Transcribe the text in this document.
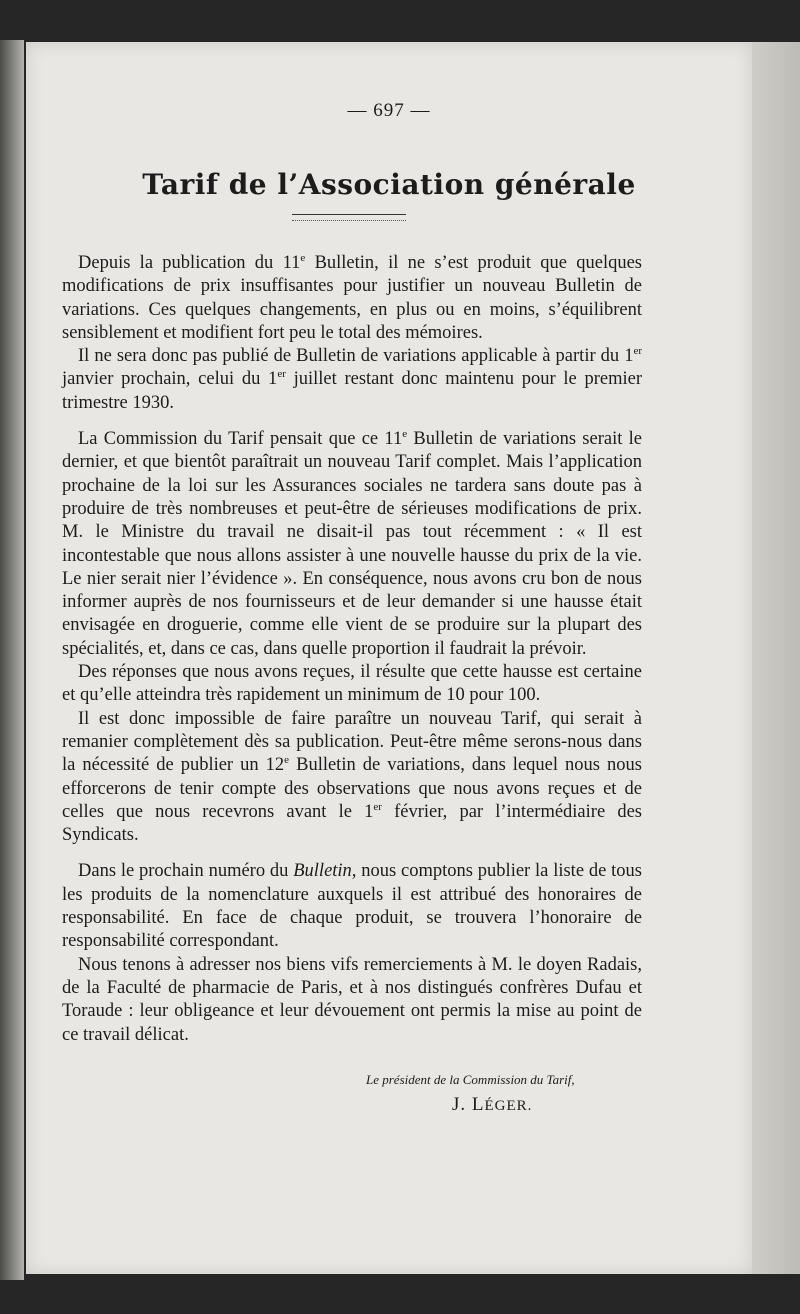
— 697 —
Tarif de l’Association générale

Depuis la publication du 11e Bulletin, il ne s’est produit que quelques modifications de prix insuffisantes pour justifier un nouveau Bulletin de variations. Ces quelques changements, en plus ou en moins, s’équilibrent sensiblement et modifient fort peu le total des mémoires.

Il ne sera donc pas publié de Bulletin de variations applicable à partir du 1er janvier prochain, celui du 1er juillet restant donc maintenu pour le premier trimestre 1930.

La Commission du Tarif pensait que ce 11e Bulletin de variations serait le dernier, et que bientôt paraîtrait un nouveau Tarif complet. Mais l’application prochaine de la loi sur les Assurances sociales ne tardera sans doute pas à produire de très nombreuses et peut-être de sérieuses modifications de prix. M. le Ministre du travail ne disait-il pas tout récemment : « Il est incontestable que nous allons assister à une nouvelle hausse du prix de la vie. Le nier serait nier l’évidence ». En conséquence, nous avons cru bon de nous informer auprès de nos fournisseurs et de leur demander si une hausse était envisagée en droguerie, comme elle vient de se produire sur la plupart des spécialités, et, dans ce cas, dans quelle proportion il faudrait la prévoir.

Des réponses que nous avons reçues, il résulte que cette hausse est certaine et qu’elle atteindra très rapidement un minimum de 10 pour 100.

Il est donc impossible de faire paraître un nouveau Tarif, qui serait à remanier complètement dès sa publication. Peut-être même serons-nous dans la nécessité de publier un 12e Bulletin de variations, dans lequel nous nous efforcerons de tenir compte des observations que nous avons reçues et de celles que nous recevrons avant le 1er février, par l’intermédiaire des Syndicats.

Dans le prochain numéro du Bulletin, nous comptons publier la liste de tous les produits de la nomenclature auxquels il est attribué des honoraires de responsabilité. En face de chaque produit, se trouvera l’honoraire de responsabilité correspondant.

Nous tenons à adresser nos biens vifs remerciements à M. le doyen Radais, de la Faculté de pharmacie de Paris, et à nos distingués confrères Dufau et Toraude : leur obligeance et leur dévouement ont permis la mise au point de ce travail délicat.

Le président de la Commission du Tarif,
J. LÉGER.
